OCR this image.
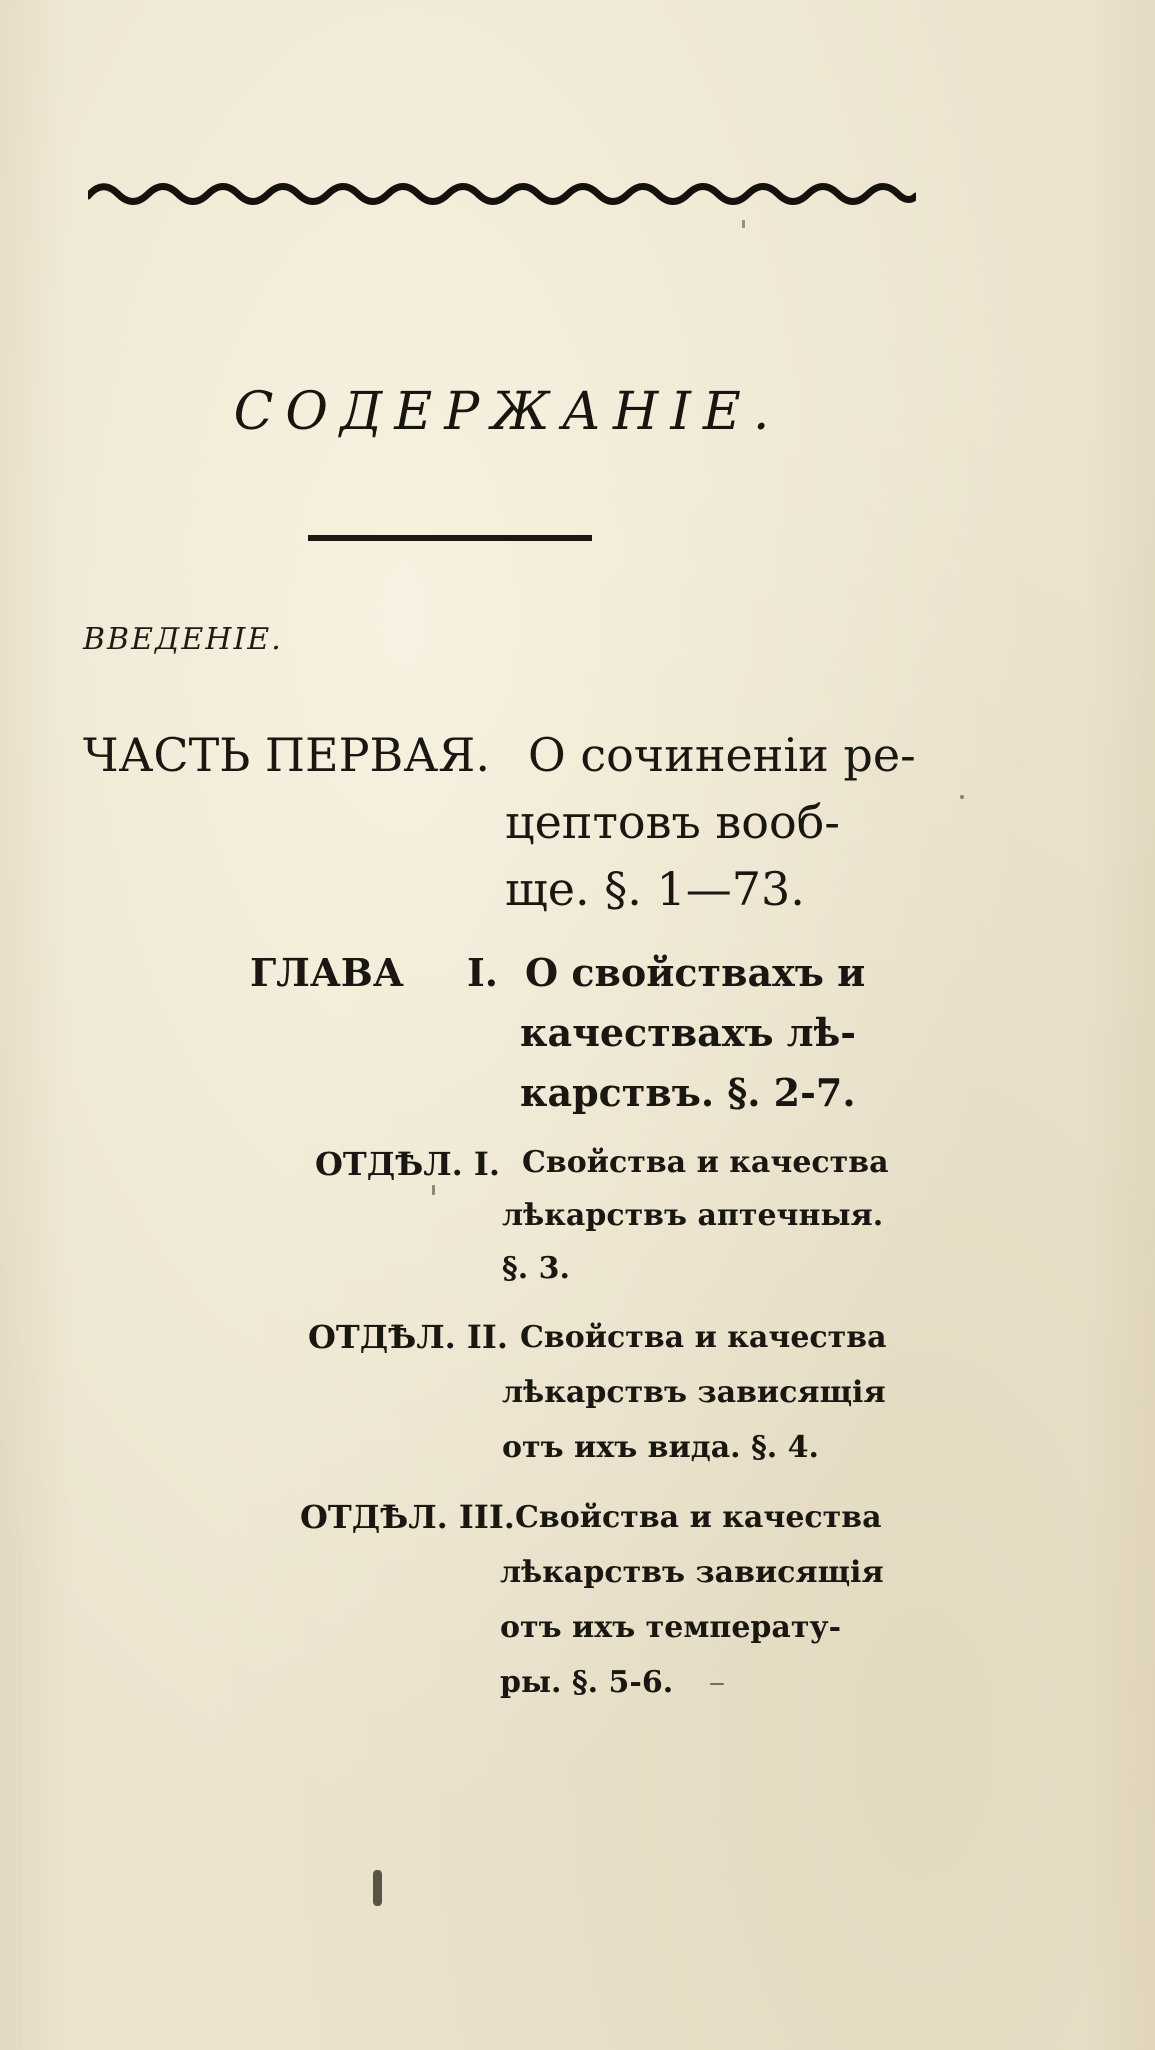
СОДЕРЖАНІЕ.
ВВЕДЕНІЕ.
ЧАСТЬ ПЕРВАЯ. О сочиненіи ре-
цептовъ вооб-
ще. §. 1—73.
ГЛАВА I. О свойствахъ и
качествахъ лѣ-
карствъ. §. 2-7.
ОТДѢЛ. I. Свойства и качества
лѣкарствъ аптечныя.
§. 3.
ОТДѢЛ. II. Свойства и качества
лѣкарствъ зависящія
отъ ихъ вида. §. 4.
ОТДѢЛ. III. Свойства и качества
лѣкарствъ зависящія
отъ ихъ температу-
ры. §. 5-6.
